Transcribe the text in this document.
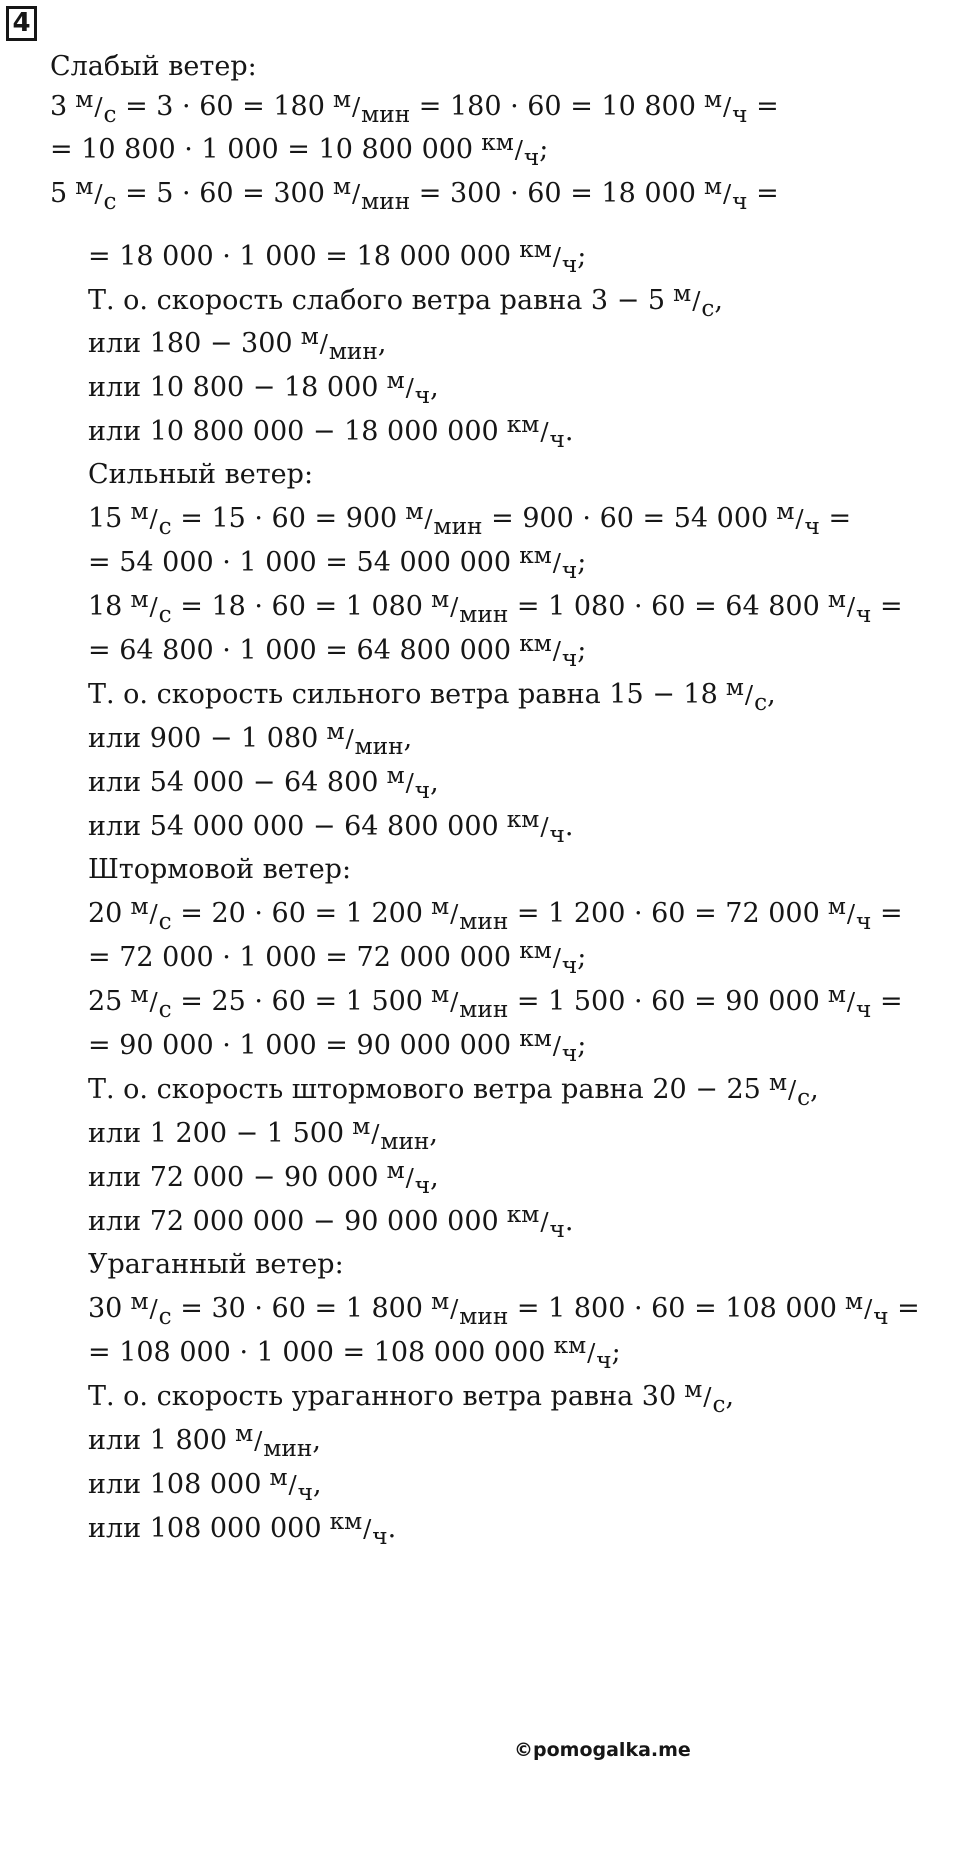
4
Слабый ветер:
3 м/с = 3 · 60 = 180 м/мин = 180 · 60 = 10 800 м/ч =
= 10 800 · 1 000 = 10 800 000 км/ч;
5 м/с = 5 · 60 = 300 м/мин = 300 · 60 = 18 000 м/ч =
= 18 000 · 1 000 = 18 000 000 км/ч;
Т. о. скорость слабого ветра равна 3 − 5 м/с,
или 180 − 300 м/мин,
или 10 800 − 18 000 м/ч,
или 10 800 000 − 18 000 000 км/ч.
Сильный ветер:
15 м/с = 15 · 60 = 900 м/мин = 900 · 60 = 54 000 м/ч =
= 54 000 · 1 000 = 54 000 000 км/ч;
18 м/с = 18 · 60 = 1 080 м/мин = 1 080 · 60 = 64 800 м/ч =
= 64 800 · 1 000 = 64 800 000 км/ч;
Т. о. скорость сильного ветра равна 15 − 18 м/с,
или 900 − 1 080 м/мин,
или 54 000 − 64 800 м/ч,
или 54 000 000 − 64 800 000 км/ч.
Штормовой ветер:
20 м/с = 20 · 60 = 1 200 м/мин = 1 200 · 60 = 72 000 м/ч =
= 72 000 · 1 000 = 72 000 000 км/ч;
25 м/с = 25 · 60 = 1 500 м/мин = 1 500 · 60 = 90 000 м/ч =
= 90 000 · 1 000 = 90 000 000 км/ч;
Т. о. скорость штормового ветра равна 20 − 25 м/с,
или 1 200 − 1 500 м/мин,
или 72 000 − 90 000 м/ч,
или 72 000 000 − 90 000 000 км/ч.
Ураганный ветер:
30 м/с = 30 · 60 = 1 800 м/мин = 1 800 · 60 = 108 000 м/ч =
= 108 000 · 1 000 = 108 000 000 км/ч;
Т. о. скорость ураганного ветра равна 30 м/с,
или 1 800 м/мин,
или 108 000 м/ч,
или 108 000 000 км/ч.
©pomogalka.me
